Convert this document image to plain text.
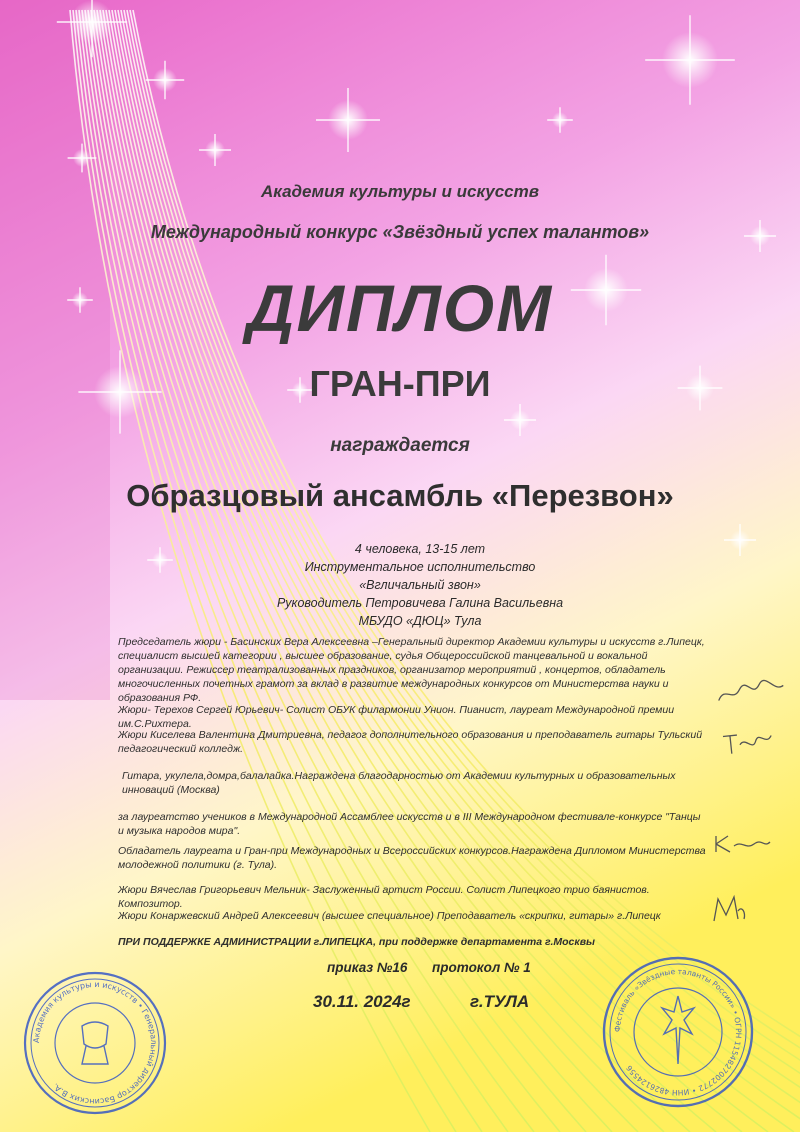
Академия культуры и искусств
Международный конкурс «Звёздный успех талантов»
ДИПЛОМ
ГРАН-ПРИ
награждается
Образцовый ансамбль «Перезвон»
4 человека, 13-15 лет
Инструментальное исполнительство
«Вгличальный звон»
Руководитель Петровичева Галина Васильевна
МБУДО «ДЮЦ» Тула
Председатель жюри - Басинских Вера Алексеевна –Генеральный директор Академии культуры и искусств г.Липецк, специалист высшей категории , высшее образование, судья Общероссийской танцевальной и вокальной организации. Режиссер театрализованных праздников, организатор мероприятий , концертов, обладатель многочисленных почетных грамот за вклад в развитие международных конкурсов от Министерства науки и образования РФ.
Жюри- Терехов Сергей Юрьевич- Солист ОБУК филармонии Унион. Пианист, лауреат Международной премии им.С.Рихтера.
Жюри Киселева Валентина Дмитриевна, педагог дополнительного образования и преподаватель гитары Тульский педагогический колледж.
Гитара, укулела,домра,балалайка.Награждена благодарностью от Академии культурных и образовательных инноваций (Москва)
за лауреатство учеников в Международной Ассамблее искусств и в III Международном фестивале-конкурсе "Танцы и музыка народов мира".
Обладатель лауреата и Гран-при Международных и Всероссийских конкурсов.Награждена Дипломом Министерства молодежной политики (г. Тула).
Жюри Вячеслав Григорьевич Мельник- Заслуженный артист России. Солист Липецкого трио баянистов. Композитор.
Жюри Конаржевский Андрей Алексеевич (высшее специальное) Преподаватель «скрипки, гитары» г.Липецк
ПРИ ПОДДЕРЖКЕ АДМИНИСТРАЦИИ г.ЛИПЕЦКА, при поддержке департамента г.Москвы
приказ №16 протокол № 1
30.11. 2024г	г.ТУЛА
Академия культуры и искусств • Генеральный директор Басинских В.А.
Фестиваль «Звёздные таланты России» • ОГРН 1154827002772 • ИНН 4826124556
